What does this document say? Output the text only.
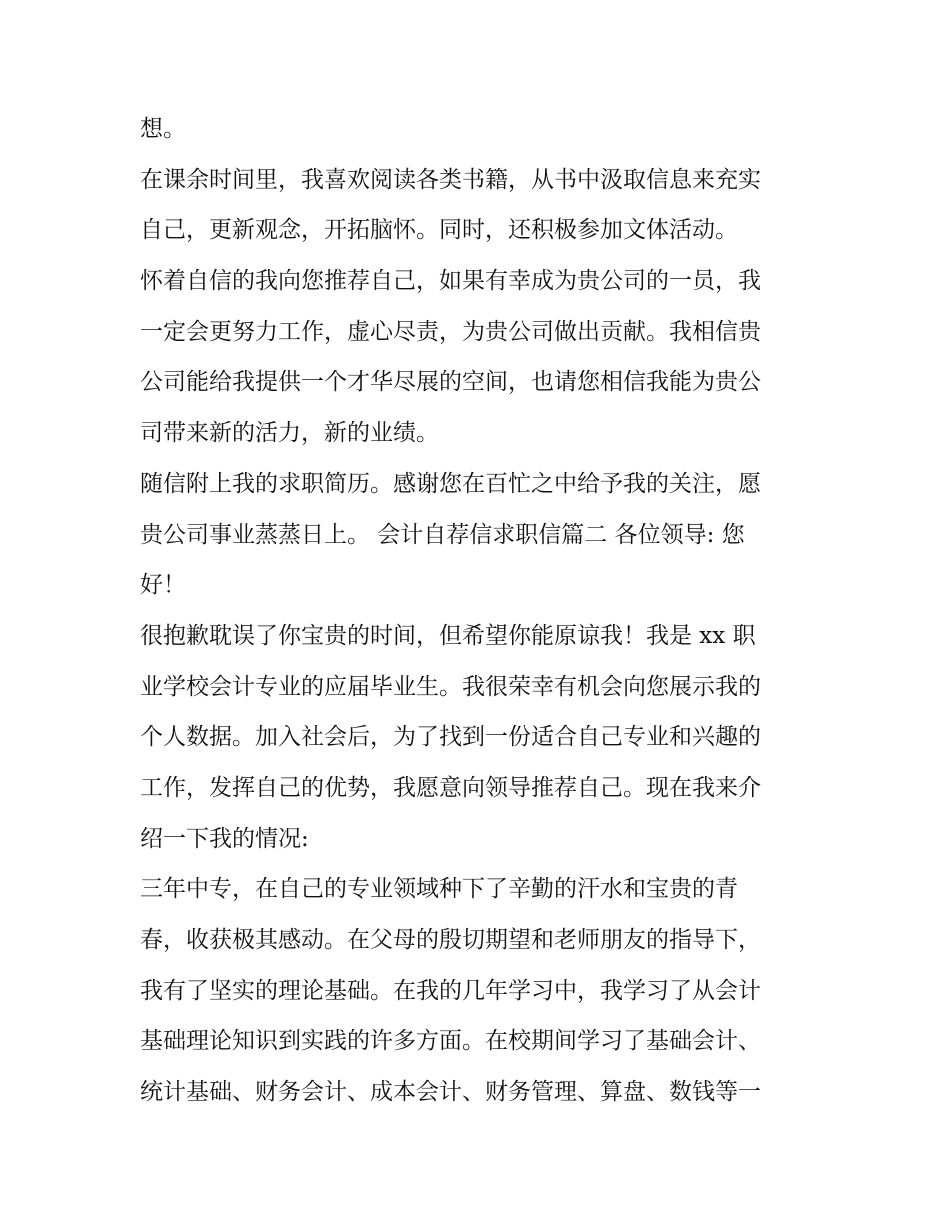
想。
在课余时间里，我喜欢阅读各类书籍，从书中汲取信息来充实
自己，更新观念，开拓脑怀。同时，还积极参加文体活动。
怀着自信的我向您推荐自己，如果有幸成为贵公司的一员，我
一定会更努力工作，虚心尽责，为贵公司做出贡献。我相信贵
公司能给我提供一个才华尽展的空间，也请您相信我能为贵公
司带来新的活力，新的业绩。
随信附上我的求职简历。感谢您在百忙之中给予我的关注，愿
贵公司事业蒸蒸日上。 会计自荐信求职信篇二 各位领导: 您
好！
很抱歉耽误了你宝贵的时间，但希望你能原谅我！我是 xx 职
业学校会计专业的应届毕业生。我很荣幸有机会向您展示我的
个人数据。加入社会后，为了找到一份适合自己专业和兴趣的
工作，发挥自己的优势，我愿意向领导推荐自己。现在我来介
绍一下我的情况:
三年中专，在自己的专业领域种下了辛勤的汗水和宝贵的青
春，收获极其感动。在父母的殷切期望和老师朋友的指导下，
我有了坚实的理论基础。在我的几年学习中，我学习了从会计
基础理论知识到实践的许多方面。在校期间学习了基础会计、
统计基础、财务会计、成本会计、财务管理、算盘、数钱等一
